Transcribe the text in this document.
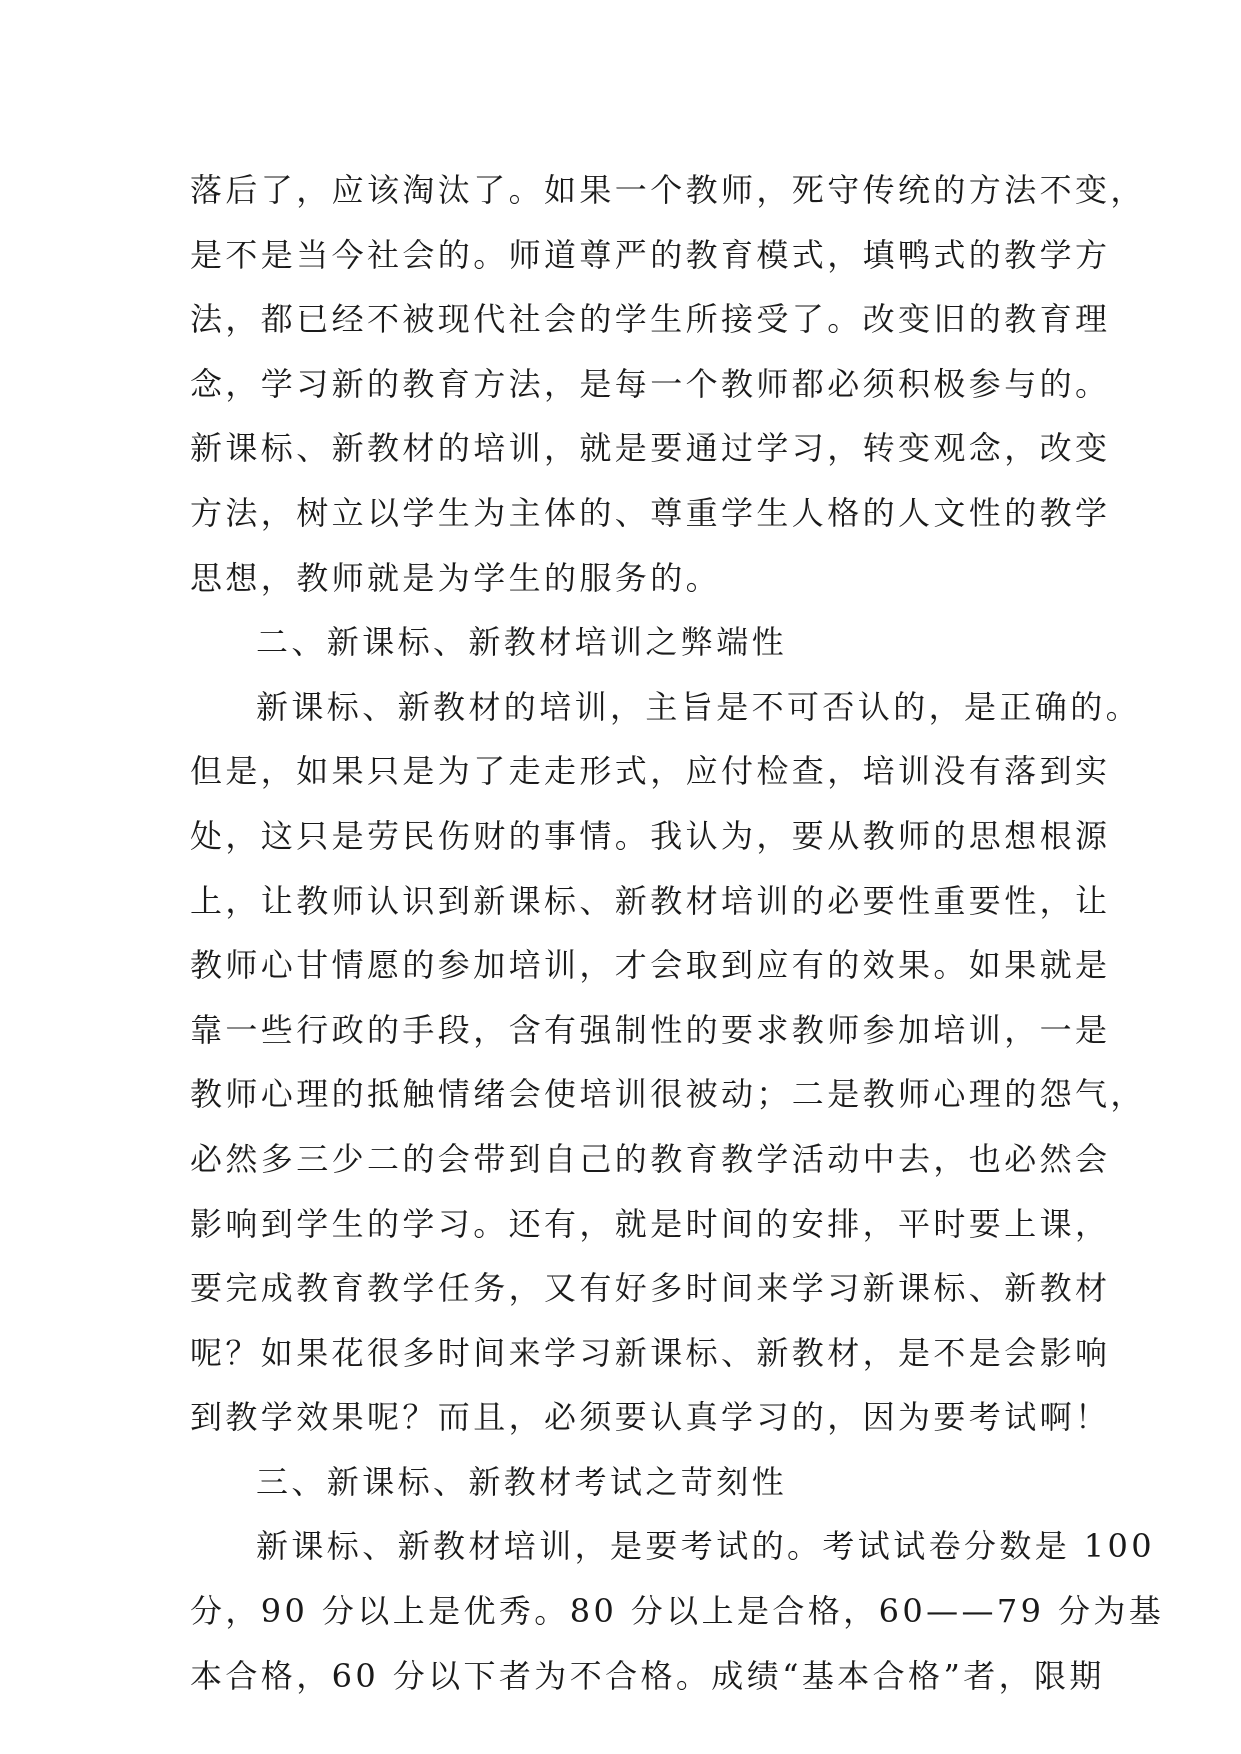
落后了，应该淘汰了。如果一个教师，死守传统的方法不变，
是不是当今社会的。师道尊严的教育模式，填鸭式的教学方
法，都已经不被现代社会的学生所接受了。改变旧的教育理
念，学习新的教育方法，是每一个教师都必须积极参与的。
新课标、新教材的培训，就是要通过学习，转变观念，改变
方法，树立以学生为主体的、尊重学生人格的人文性的教学
思想，教师就是为学生的服务的。
二、新课标、新教材培训之弊端性
新课标、新教材的培训，主旨是不可否认的，是正确的。
但是，如果只是为了走走形式，应付检查，培训没有落到实
处，这只是劳民伤财的事情。我认为，要从教师的思想根源
上，让教师认识到新课标、新教材培训的必要性重要性，让
教师心甘情愿的参加培训，才会取到应有的效果。如果就是
靠一些行政的手段，含有强制性的要求教师参加培训，一是
教师心理的抵触情绪会使培训很被动；二是教师心理的怨气，
必然多三少二的会带到自己的教育教学活动中去，也必然会
影响到学生的学习。还有，就是时间的安排，平时要上课，
要完成教育教学任务，又有好多时间来学习新课标、新教材
呢？如果花很多时间来学习新课标、新教材，是不是会影响
到教学效果呢？而且，必须要认真学习的，因为要考试啊！
三、新课标、新教材考试之苛刻性
新课标、新教材培训，是要考试的。考试试卷分数是 100
分，90 分以上是优秀。80 分以上是合格，60——79 分为基
本合格，60 分以下者为不合格。成绩“基本合格”者，限期
